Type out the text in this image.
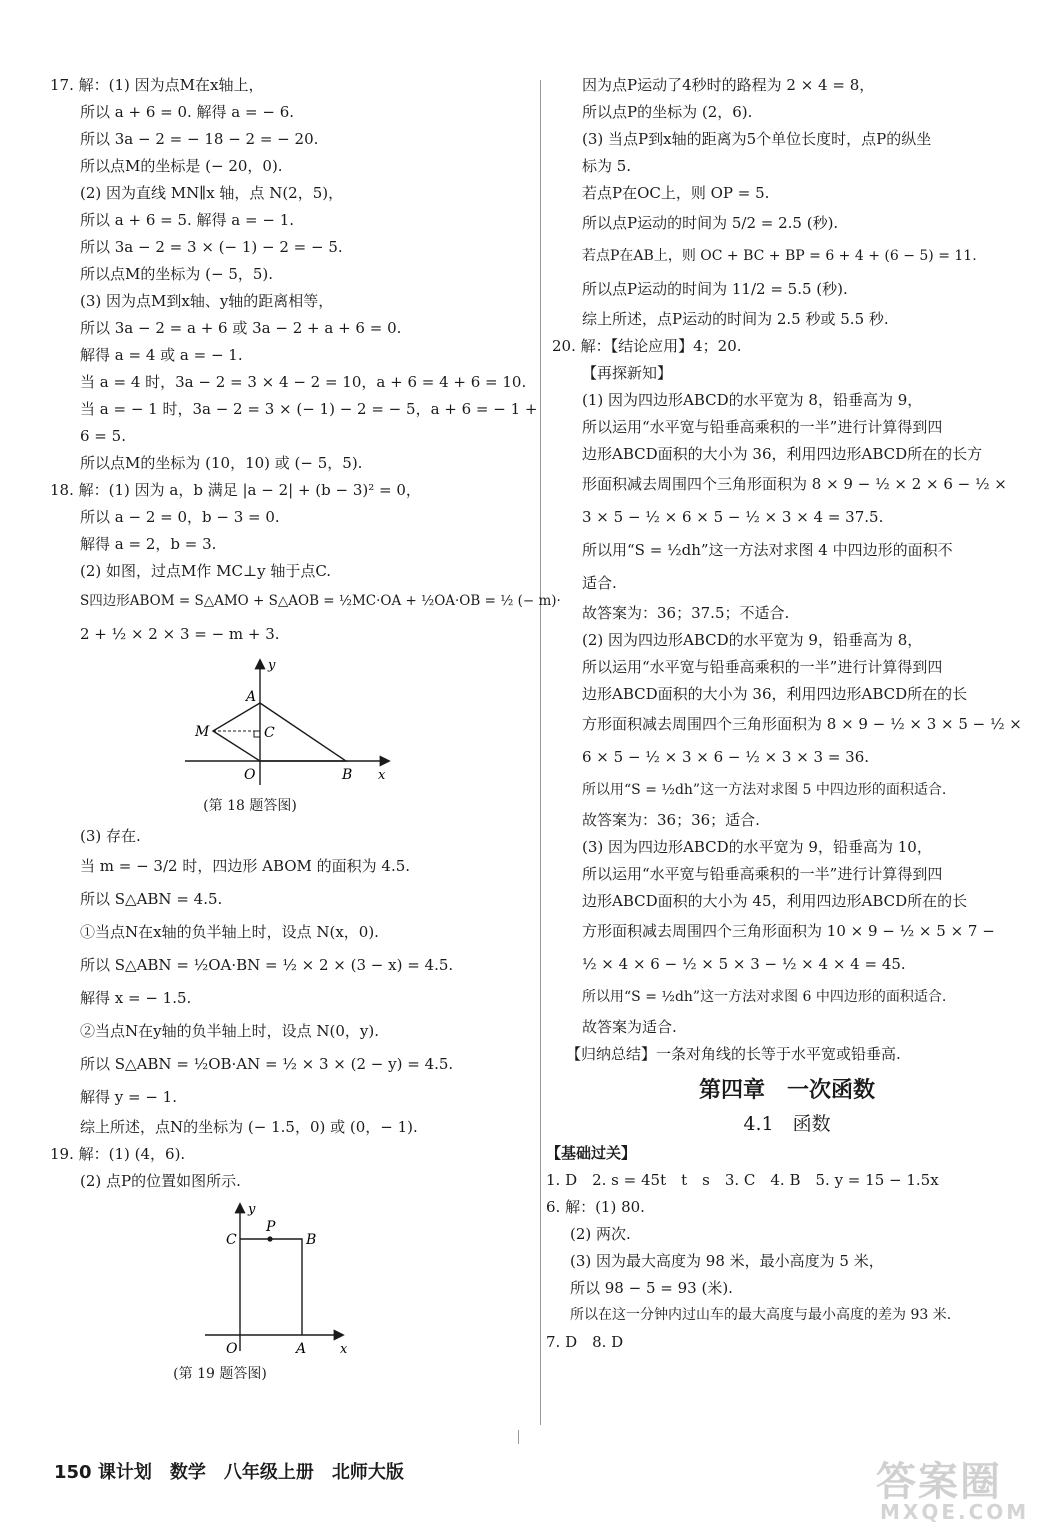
17. 解：(1) 因为点M在x轴上，
所以 a + 6 = 0. 解得 a = − 6.
所以 3a − 2 = − 18 − 2 = − 20.
所以点M的坐标是 (− 20，0).
(2) 因为直线 MN∥x 轴，点 N(2，5)，
所以 a + 6 = 5. 解得 a = − 1.
所以 3a − 2 = 3 × (− 1) − 2 = − 5.
所以点M的坐标为 (− 5，5).
(3) 因为点M到x轴、y轴的距离相等，
所以 3a − 2 = a + 6 或 3a − 2 + a + 6 = 0.
解得 a = 4 或 a = − 1.
当 a = 4 时，3a − 2 = 3 × 4 − 2 = 10，a + 6 = 4 + 6 = 10.
当 a = − 1 时，3a − 2 = 3 × (− 1) − 2 = − 5，a + 6 = − 1 +
6 = 5.
所以点M的坐标为 (10，10) 或 (− 5，5).
18. 解：(1) 因为 a，b 满足 |a − 2| + (b − 3)² = 0，
所以 a − 2 = 0，b − 3 = 0.
解得 a = 2，b = 3.
(2) 如图，过点M作 MC⊥y 轴于点C.
S四边形ABOM = S△AMO + S△AOB = ½MC·OA + ½OA·OB = ½ (− m)·
2 + ½ × 2 × 3 = − m + 3.
y
A
M	C
O	B x
(第 18 题答图)
(3) 存在.
当 m = − 3/2 时，四边形 ABOM 的面积为 4.5.
所以 S△ABN = 4.5.
①当点N在x轴的负半轴上时，设点 N(x，0).
所以 S△ABN = ½OA·BN = ½ × 2 × (3 − x) = 4.5.
解得 x = − 1.5.
②当点N在y轴的负半轴上时，设点 N(0，y).
所以 S△ABN = ½OB·AN = ½ × 3 × (2 − y) = 4.5.
解得 y = − 1.
综上所述，点N的坐标为 (− 1.5，0) 或 (0，− 1).
19. 解：(1) (4，6).
(2) 点P的位置如图所示.
y
C
P
B
O	A	x
(第 19 题答图)
因为点P运动了4秒时的路程为 2 × 4 = 8，
所以点P的坐标为 (2，6).
(3) 当点P到x轴的距离为5个单位长度时，点P的纵坐
标为 5.
若点P在OC上，则 OP = 5.
所以点P运动的时间为 5/2 = 2.5 (秒).
若点P在AB上，则 OC + BC + BP = 6 + 4 + (6 − 5) = 11.
所以点P运动的时间为 11/2 = 5.5 (秒).
综上所述，点P运动的时间为 2.5 秒或 5.5 秒.
20. 解：【结论应用】4；20.
【再探新知】
(1) 因为四边形ABCD的水平宽为 8，铅垂高为 9，
所以运用“水平宽与铅垂高乘积的一半”进行计算得到四
边形ABCD面积的大小为 36，利用四边形ABCD所在的长方
形面积减去周围四个三角形面积为 8 × 9 − ½ × 2 × 6 − ½ ×
3 × 5 − ½ × 6 × 5 − ½ × 3 × 4 = 37.5.
所以用“S = ½dh”这一方法对求图 4 中四边形的面积不
适合.
故答案为：36；37.5；不适合.
(2) 因为四边形ABCD的水平宽为 9，铅垂高为 8，
所以运用“水平宽与铅垂高乘积的一半”进行计算得到四
边形ABCD面积的大小为 36，利用四边形ABCD所在的长
方形面积减去周围四个三角形面积为 8 × 9 − ½ × 3 × 5 − ½ ×
6 × 5 − ½ × 3 × 6 − ½ × 3 × 3 = 36.
所以用“S = ½dh”这一方法对求图 5 中四边形的面积适合.
故答案为：36；36；适合.
(3) 因为四边形ABCD的水平宽为 9，铅垂高为 10，
所以运用“水平宽与铅垂高乘积的一半”进行计算得到四
边形ABCD面积的大小为 45，利用四边形ABCD所在的长
方形面积减去周围四个三角形面积为 10 × 9 − ½ × 5 × 7 −
½ × 4 × 6 − ½ × 5 × 3 − ½ × 4 × 4 = 45.
所以用“S = ½dh”这一方法对求图 6 中四边形的面积适合.
故答案为适合.
【归纳总结】一条对角线的长等于水平宽或铅垂高.
第四章　一次函数
4.1　函数
【基础过关】
1. D　2. s = 45t　t　s　3. C　4. B　5. y = 15 − 1.5x
6. 解：(1) 80.
(2) 两次.
(3) 因为最大高度为 98 米，最小高度为 5 米，
所以 98 − 5 = 93 (米).
所以在这一分钟内过山车的最大高度与最小高度的差为 93 米.
7. D　8. D
150 课计划　数学　八年级上册　北师大版	答案圈
MXQE.COM
